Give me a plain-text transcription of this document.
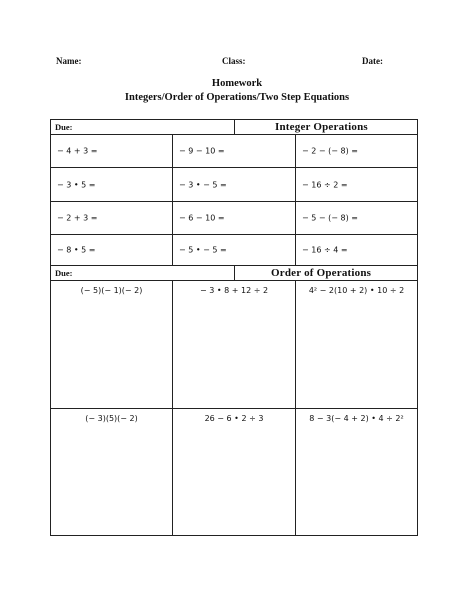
Name:	Class:	Date:
Homework
Integers/Order of Operations/Two Step Equations
Due:	Integer Operations
− 4 + 3 =	− 9 − 10 =	− 2 − (− 8) =
− 3 • 5 =	− 3 • − 5 =	− 16 ÷ 2 =
− 2 + 3 =	− 6 − 10 =	− 5 − (− 8) =
− 8 • 5 =	− 5 • − 5 =	− 16 ÷ 4 =
Due:	Order of Operations
(− 5)(− 1)(− 2)	− 3 • 8 + 12 ÷ 2	4² − 2(10 + 2) • 10 ÷ 2
(− 3)(5)(− 2)	26 − 6 • 2 ÷ 3	8 − 3(− 4 + 2) • 4 ÷ 2²
